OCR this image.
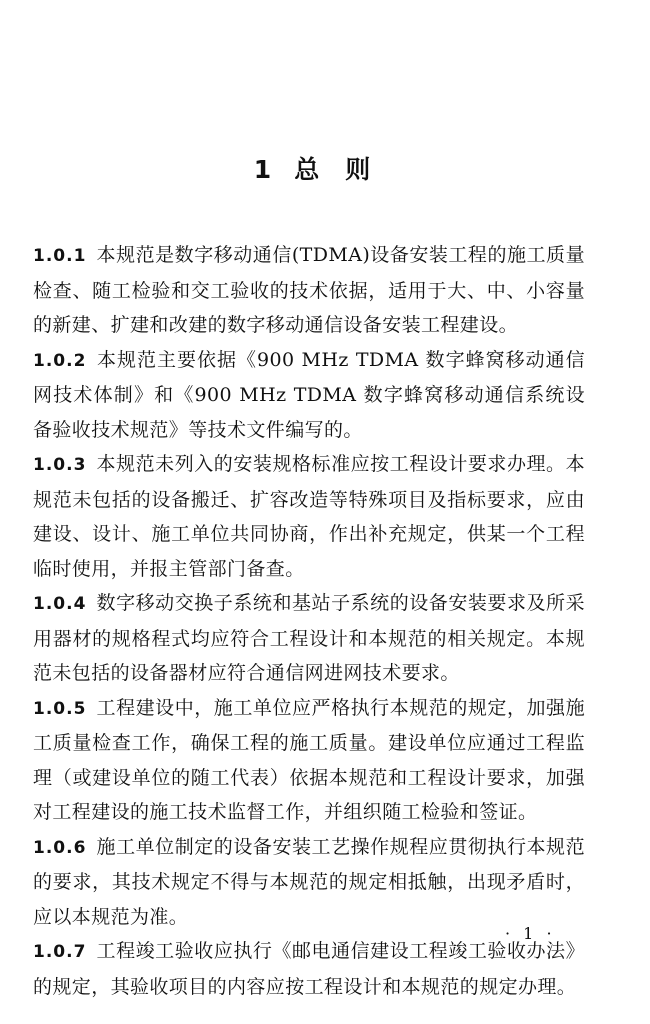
1 总则

1.0.1 本规范是数字移动通信(TDMA)设备安装工程的施工质量检查、随工检验和交工验收的技术依据，适用于大、中、小容量的新建、扩建和改建的数字移动通信设备安装工程建设。

1.0.2 本规范主要依据《900 MHz TDMA 数字蜂窝移动通信网技术体制》和《900 MHz TDMA 数字蜂窝移动通信系统设备验收技术规范》等技术文件编写的。

1.0.3 本规范未列入的安装规格标准应按工程设计要求办理。本规范未包括的设备搬迁、扩容改造等特殊项目及指标要求，应由建设、设计、施工单位共同协商，作出补充规定，供某一个工程临时使用，并报主管部门备查。

1.0.4 数字移动交换子系统和基站子系统的设备安装要求及所采用器材的规格程式均应符合工程设计和本规范的相关规定。本规范未包括的设备器材应符合通信网进网技术要求。

1.0.5 工程建设中，施工单位应严格执行本规范的规定，加强施工质量检查工作，确保工程的施工质量。建设单位应通过工程监理（或建设单位的随工代表）依据本规范和工程设计要求，加强对工程建设的施工技术监督工作，并组织随工检验和签证。

1.0.6 施工单位制定的设备安装工艺操作规程应贯彻执行本规范的要求，其技术规定不得与本规范的规定相抵触，出现矛盾时，应以本规范为准。

1.0.7 工程竣工验收应执行《邮电通信建设工程竣工验收办法》的规定，其验收项目的内容应按工程设计和本规范的规定办理。

· 1 ·
